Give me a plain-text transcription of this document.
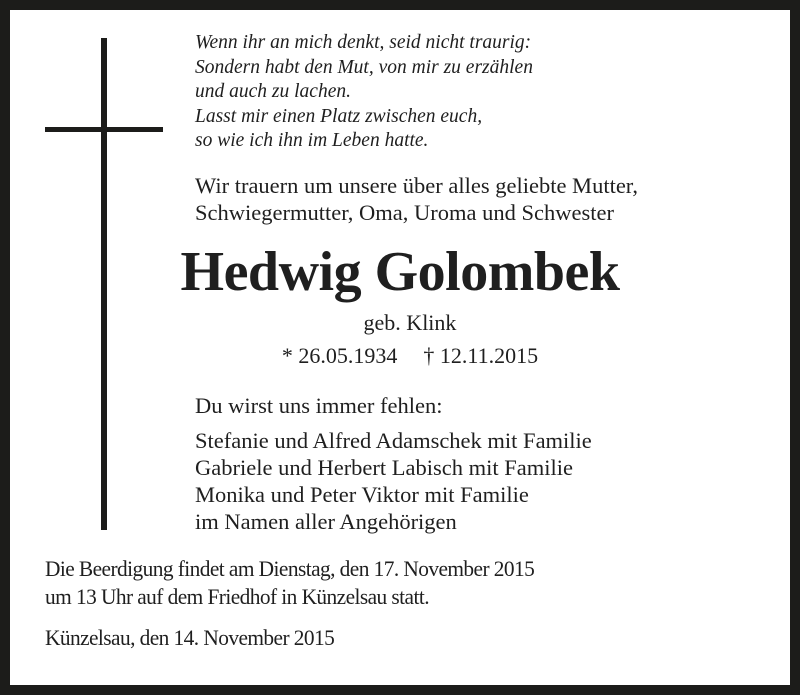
Wenn ihr an mich denkt, seid nicht traurig:
Sondern habt den Mut, von mir zu erzählen
und auch zu lachen.
Lasst mir einen Platz zwischen euch,
so wie ich ihn im Leben hatte.
Wir trauern um unsere über alles geliebte Mutter,
Schwiegermutter, Oma, Uroma und Schwester
Hedwig Golombek
geb. Klink
* 26.05.1934 † 12.11.2015
Du wirst uns immer fehlen:
Stefanie und Alfred Adamschek mit Familie
Gabriele und Herbert Labisch mit Familie
Monika und Peter Viktor mit Familie
im Namen aller Angehörigen
Die Beerdigung findet am Dienstag, den 17. November 2015
um 13 Uhr auf dem Friedhof in Künzelsau statt.
Künzelsau, den 14. November 2015
